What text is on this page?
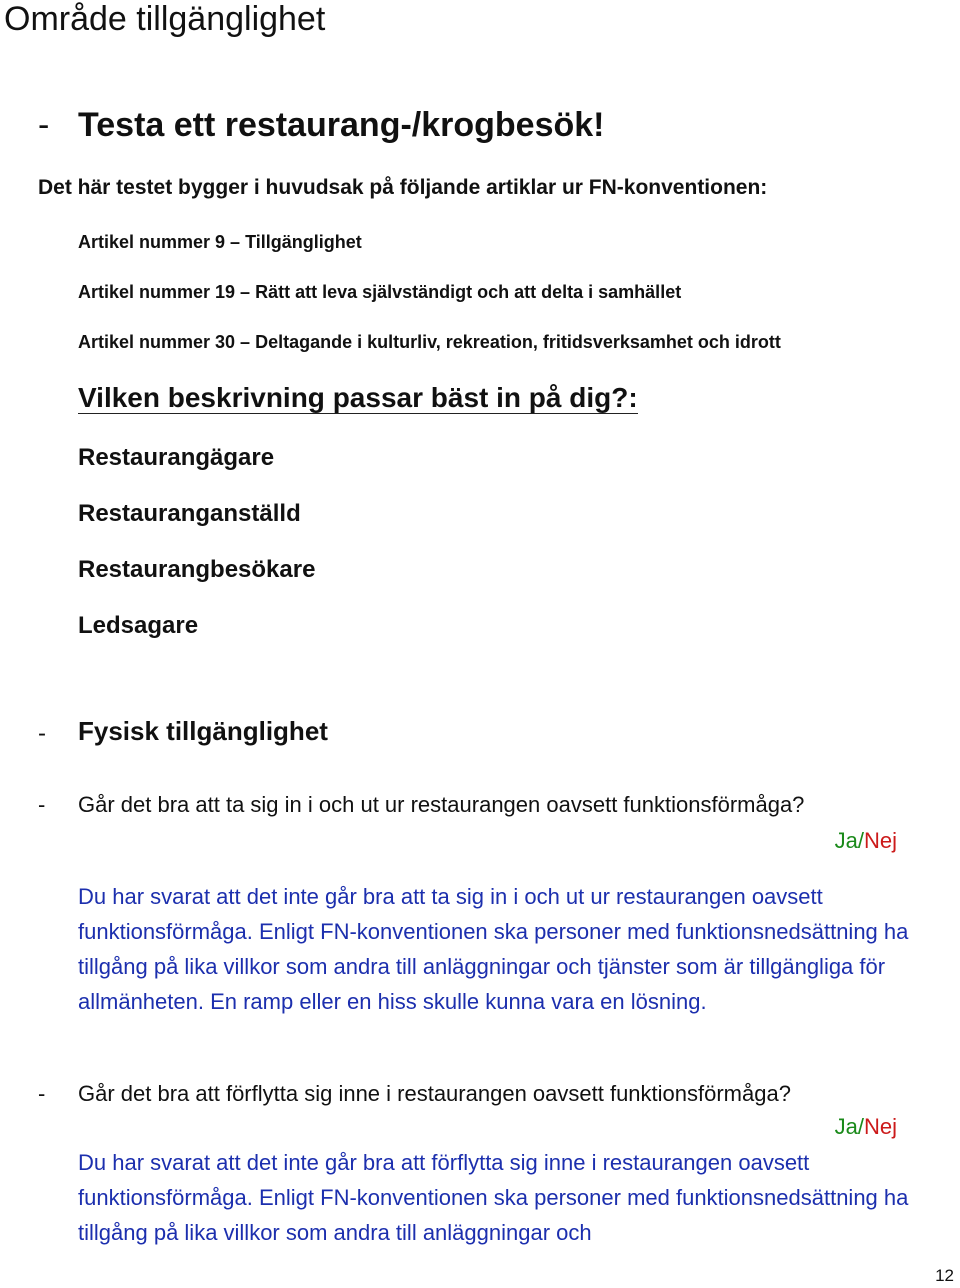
Område tillgänglighet
- Testa ett restaurang-/krogbesök!
Det här testet bygger i huvudsak på följande artiklar ur FN-konventionen:
Artikel nummer 9 – Tillgänglighet
Artikel nummer 19 – Rätt att leva självständigt och att delta i samhället
Artikel nummer 30 – Deltagande i kulturliv, rekreation, fritidsverksamhet och idrott
Vilken beskrivning passar bäst in på dig?:
Restaurangägare
Restauranganställd
Restaurangbesökare
Ledsagare
- Fysisk tillgänglighet
- Går det bra att ta sig in i och ut ur restaurangen oavsett funktionsförmåga?
Ja/Nej
Du har svarat att det inte går bra att ta sig in i och ut ur restaurangen oavsett funktionsförmåga. Enligt FN-konventionen ska personer med funktionsnedsättning ha tillgång på lika villkor som andra till anläggningar och tjänster som är tillgängliga för allmänheten. En ramp eller en hiss skulle kunna vara en lösning.
- Går det bra att förflytta sig inne i restaurangen oavsett funktionsförmåga?
Ja/Nej
Du har svarat att det inte går bra att förflytta sig inne i restaurangen oavsett funktionsförmåga. Enligt FN-konventionen ska personer med funktionsnedsättning ha tillgång på lika villkor som andra till anläggningar och
12
